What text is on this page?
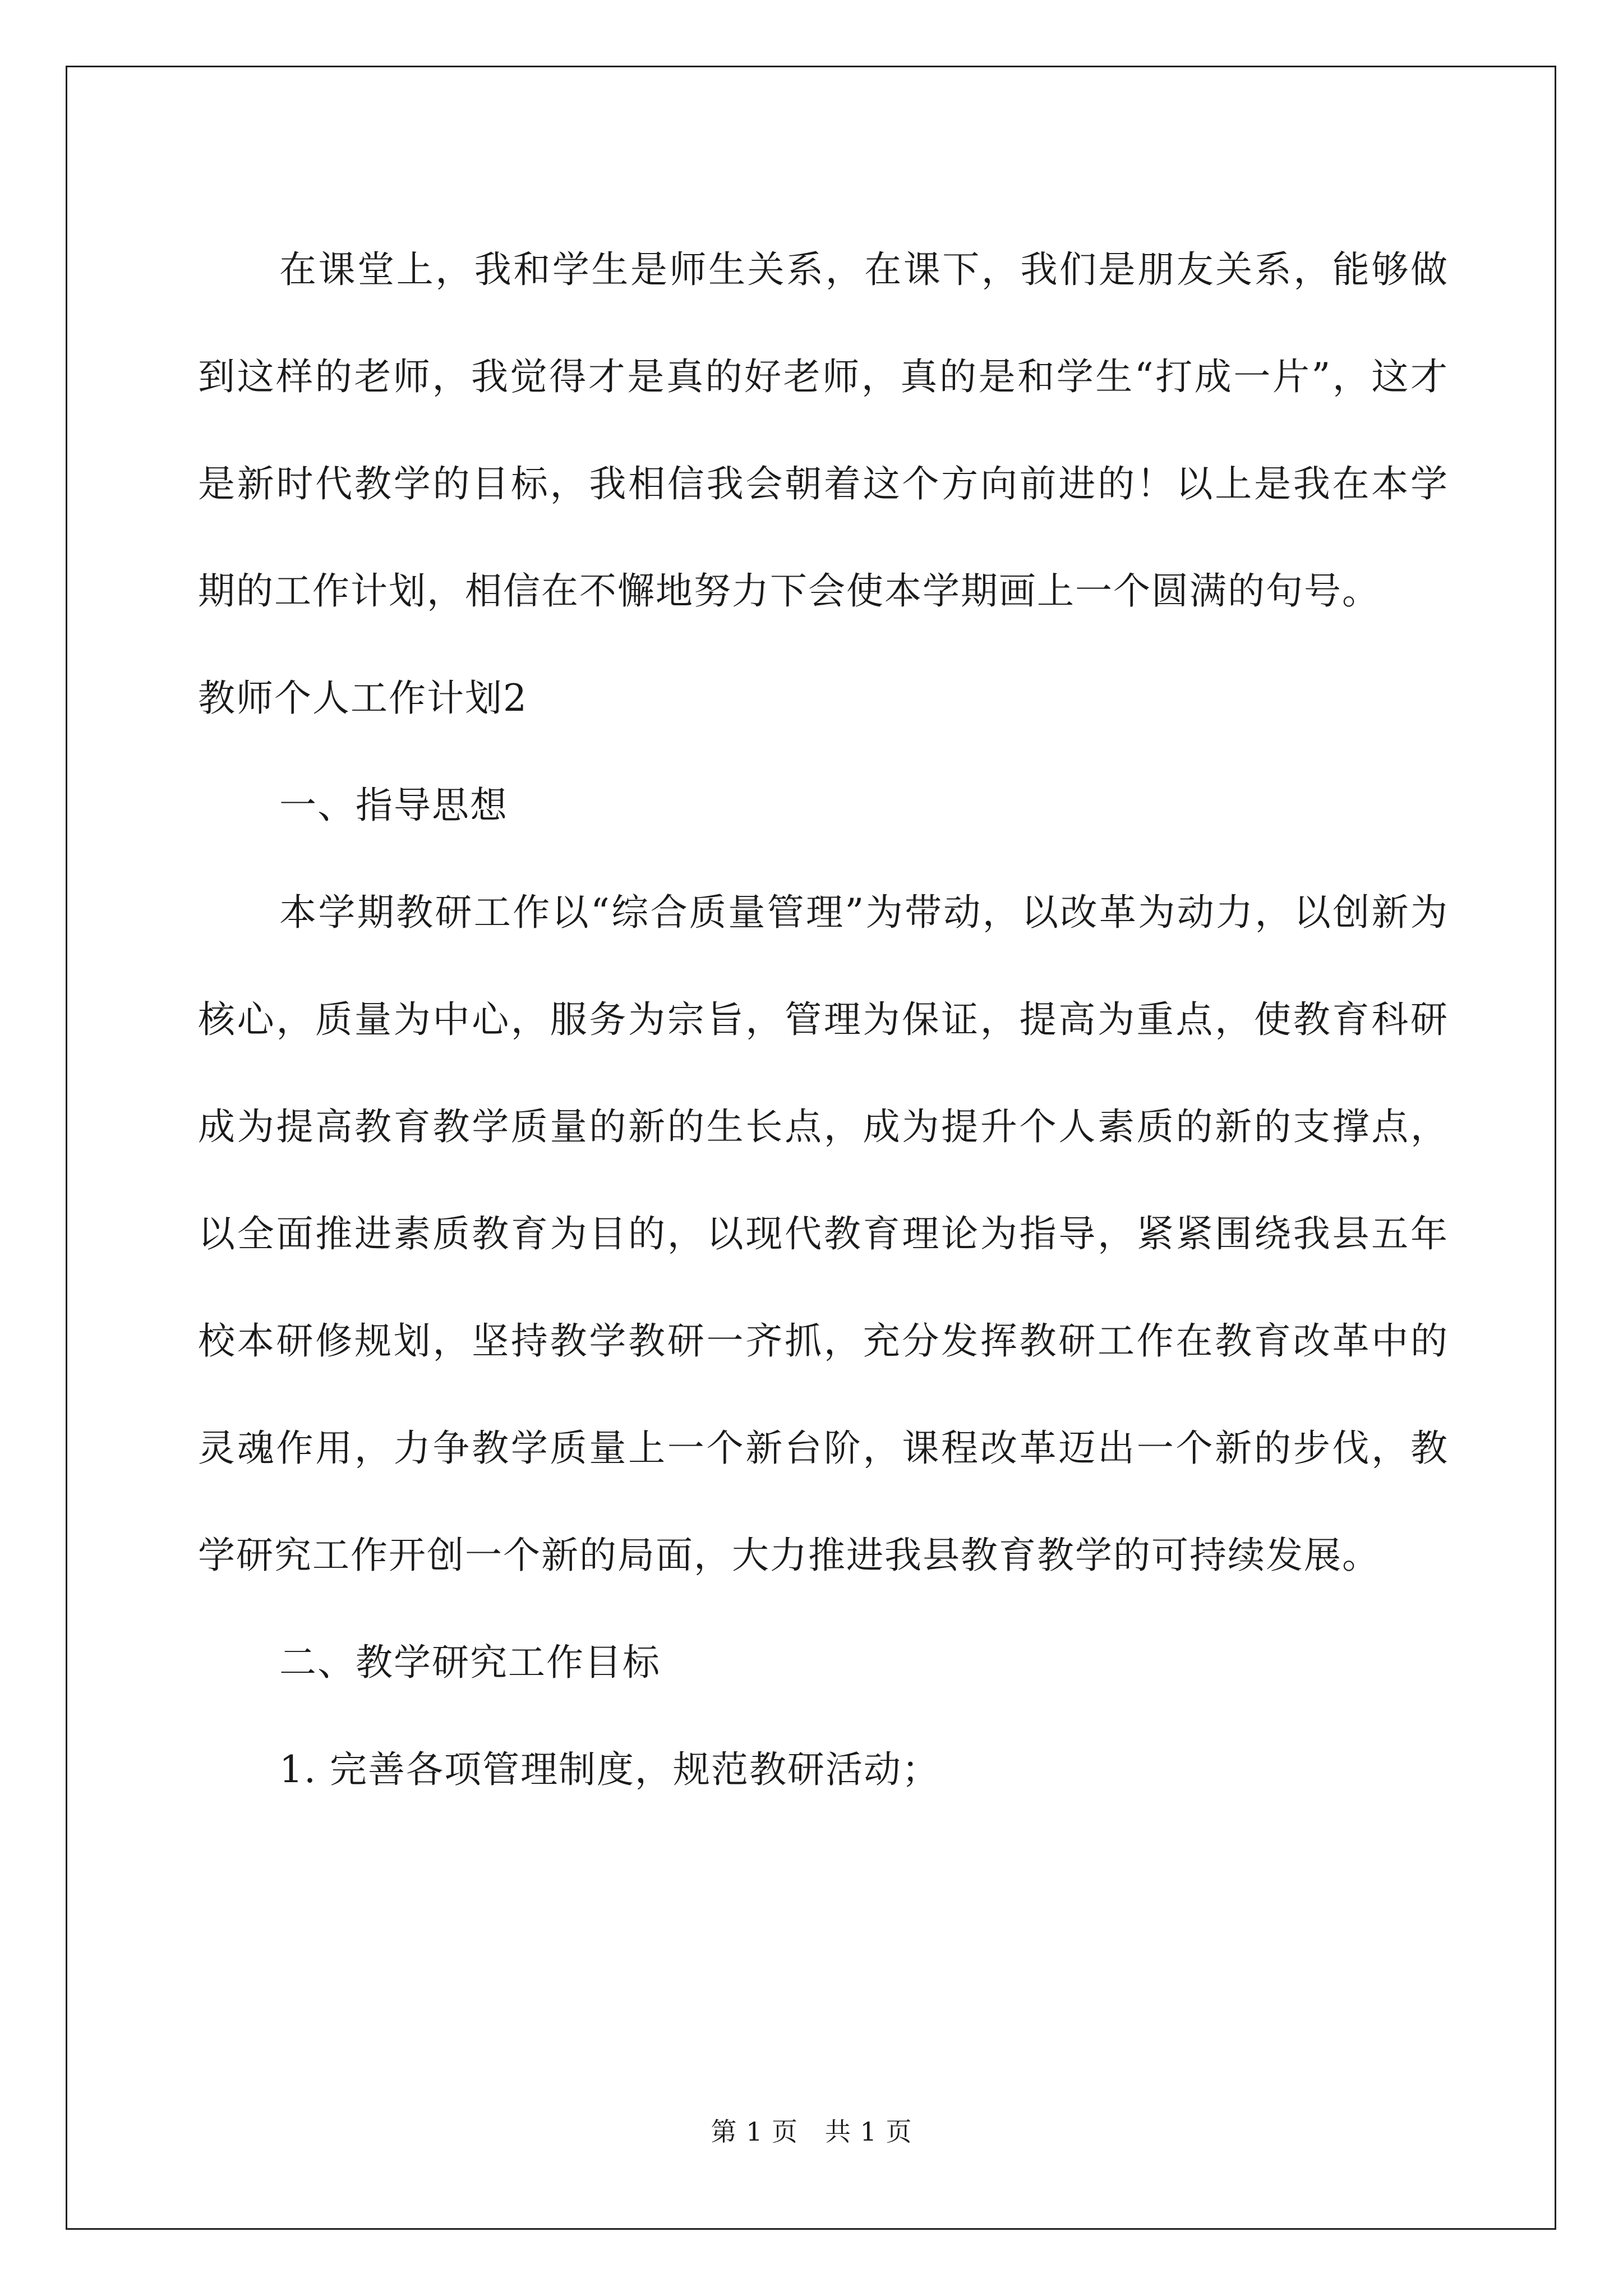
在课堂上，我和学生是师生关系，在课下，我们是朋友关系，能够做到这样的老师，我觉得才是真的好老师，真的是和学生“打成一片”，这才是新时代教学的目标，我相信我会朝着这个方向前进的！以上是我在本学期的工作计划，相信在不懈地努力下会使本学期画上一个圆满的句号。

教师个人工作计划2

一、指导思想

本学期教研工作以“综合质量管理”为带动，以改革为动力，以创新为核心，质量为中心，服务为宗旨，管理为保证，提高为重点，使教育科研成为提高教育教学质量的新的生长点，成为提升个人素质的新的支撑点，以全面推进素质教育为目的，以现代教育理论为指导，紧紧围绕我县五年校本研修规划，坚持教学教研一齐抓，充分发挥教研工作在教育改革中的灵魂作用，力争教学质量上一个新台阶，课程改革迈出一个新的步伐，教学研究工作开创一个新的局面，大力推进我县教育教学的可持续发展。

二、教学研究工作目标

1. 完善各项管理制度，规范教研活动；

第 1 页 共 1 页
